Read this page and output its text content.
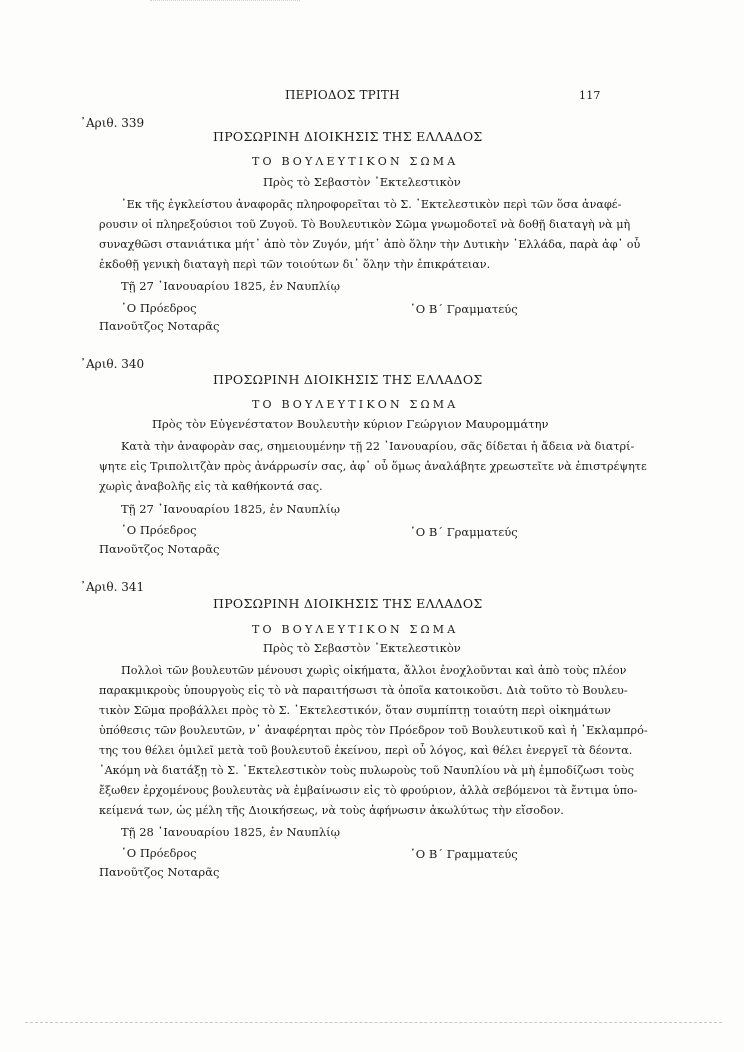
ΠΕΡΙΟΔΟΣ ΤΡΙΤΗ	117
᾿Αριθ. 339
ΠΡΟΣΩΡΙΝΗ ΔΙΟΙΚΗΣΙΣ ΤΗΣ ΕΛΛΑΔΟΣ
ΤΟ ΒΟΥΛΕΥΤΙΚΟΝ ΣΩΜΑ
Πρὸς τὸ Σεβαστὸν ᾿Εκτελεστικὸν
᾿Εκ τῆς ἐγκλείστου ἀναφορᾶς πληροφορεῖται τὸ Σ. ᾿Εκτελεστικὸν περὶ τῶν ὅσα ἀναφέ-
ρουσιν οἱ πληρεξούσιοι τοῦ Ζυγοῦ. Τὸ Βουλευτικὸν Σῶμα γνωμοδοτεῖ νὰ δοθῇ διαταγὴ νὰ μὴ
συναχθῶσι στανιάτικα μήτ᾿ ἀπὸ τὸν Ζυγόν, μήτ᾿ ἀπὸ ὅλην τὴν Δυτικὴν ᾿Ελλάδα, παρὰ ἀφ᾿ οὗ
ἐκδοθῇ γενικὴ διαταγὴ περὶ τῶν τοιούτων δι᾿ ὅλην τὴν ἐπικράτειαν.
Τῇ 27 ᾿Ιανουαρίου 1825, ἐν Ναυπλίῳ
῾Ο Πρόεδρος	῾Ο Β΄ Γραμματεύς
Πανοῦτζος Νοταρᾶς
᾿Αριθ. 340
ΠΡΟΣΩΡΙΝΗ ΔΙΟΙΚΗΣΙΣ ΤΗΣ ΕΛΛΑΔΟΣ
ΤΟ ΒΟΥΛΕΥΤΙΚΟΝ ΣΩΜΑ
Πρὸς τὸν Εὐγενέστατον Βουλευτὴν κύριον Γεώργιον Μαυρομμάτην
Κατὰ τὴν ἀναφορὰν σας, σημειουμένην τῇ 22 ᾿Ιανουαρίου, σᾶς δίδεται ἡ ἄδεια νὰ διατρί-
ψητε εἰς Τριπολιτζὰν πρὸς ἀνάρρωσίν σας, ἀφ᾿ οὗ ὅμως ἀναλάβητε χρεωστεῖτε νὰ ἐπιστρέψητε
χωρὶς ἀναβολῆς εἰς τὰ καθήκοντά σας.
Τῇ 27 ᾿Ιανουαρίου 1825, ἐν Ναυπλίῳ
῾Ο Πρόεδρος	῾Ο Β΄ Γραμματεύς
Πανοῦτζος Νοταρᾶς
᾿Αριθ. 341
ΠΡΟΣΩΡΙΝΗ ΔΙΟΙΚΗΣΙΣ ΤΗΣ ΕΛΛΑΔΟΣ
ΤΟ ΒΟΥΛΕΥΤΙΚΟΝ ΣΩΜΑ
Πρὸς τὸ Σεβαστὸν ᾿Εκτελεστικὸν
Πολλοὶ τῶν βουλευτῶν μένουσι χωρὶς οἰκήματα, ἄλλοι ἐνοχλοῦνται καὶ ἀπὸ τοὺς πλέον
παρακμικροὺς ὑπουργοὺς εἰς τὸ νὰ παραιτήσωσι τὰ ὁποῖα κατοικοῦσι. Διὰ τοῦτο τὸ Βουλευ-
τικὸν Σῶμα προβάλλει πρὸς τὸ Σ. ᾿Εκτελεστικόν, ὅταν συμπίπτῃ τοιαύτη περὶ οἰκημάτων
ὑπόθεσις τῶν βουλευτῶν, ν᾿ ἀναφέρηται πρὸς τὸν Πρόεδρον τοῦ Βουλευτικοῦ καὶ ἡ ᾿Εκλαμπρό-
της του θέλει ὁμιλεῖ μετὰ τοῦ βουλευτοῦ ἐκείνου, περὶ οὗ λόγος, καὶ θέλει ἐνεργεῖ τὰ δέοντα.
᾿Ακόμη νὰ διατάξῃ τὸ Σ. ᾿Εκτελεστικὸν τοὺς πυλωροὺς τοῦ Ναυπλίου νὰ μὴ ἐμποδίζωσι τοὺς
ἔξωθεν ἐρχομένους βουλευτὰς νὰ ἐμβαίνωσιν εἰς τὸ φρούριον, ἀλλὰ σεβόμενοι τὰ ἔντιμα ὑπο-
κείμενά των, ὡς μέλη τῆς Διοικήσεως, νὰ τοὺς ἀφήνωσιν ἀκωλύτως τὴν εἴσοδον.
Τῇ 28 ᾿Ιανουαρίου 1825, ἐν Ναυπλίῳ
῾Ο Πρόεδρος	῾Ο Β΄ Γραμματεύς
Πανοῦτζος Νοταρᾶς
